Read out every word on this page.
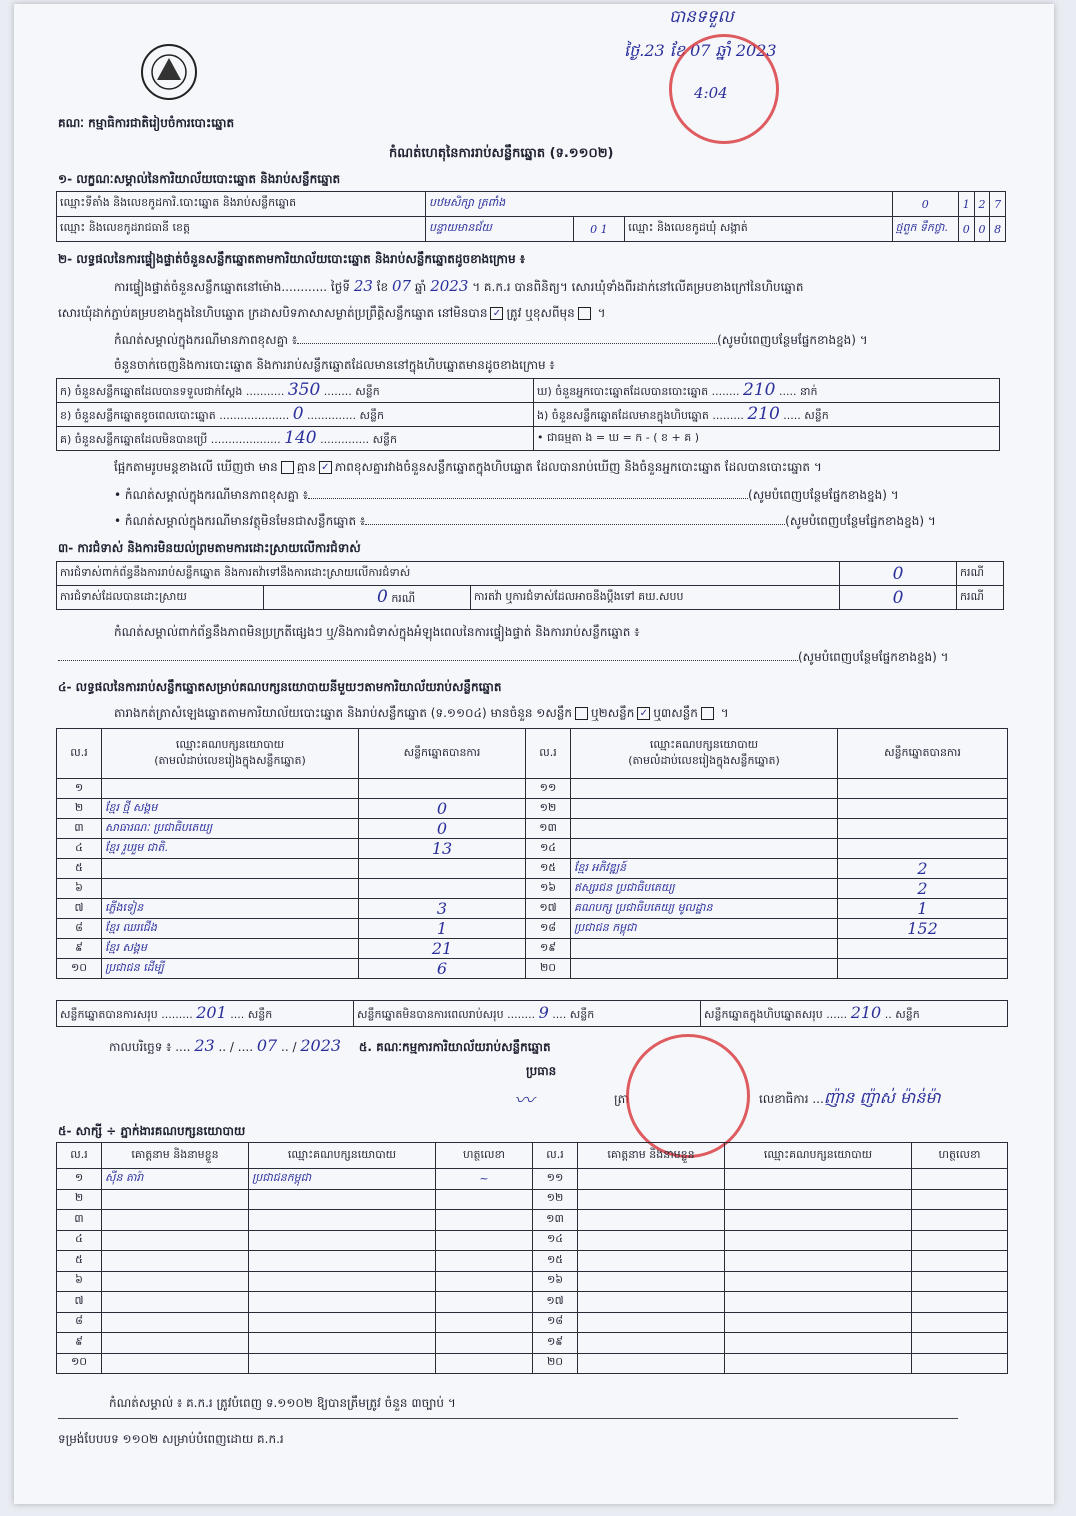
គណៈ កម្មាធិការជាតិរៀបចំការបោះឆ្នោត
បានទទួល
ថ្ងៃ.23 ខែ 07 ឆ្នាំ 2023
4:04
កំណត់ហេតុនៃការរាប់សន្លឹកឆ្នោត (ទ.១១០២)
១- លក្ខណៈសម្គាល់នៃការិយាល័យបោះឆ្នោត និងរាប់សន្លឹកឆ្នោត
ឈ្មោះទីតាំង និងលេខកូដការិ.បោះឆ្នោត និងរាប់សន្លឹកឆ្នោត	បឋមសិក្សា ត្រពាំង			0	1	2	7
ឈ្មោះ និងលេខកូដរាជធានី ខេត្ត	បន្ទាយមានជ័យ	0 1	ឈ្មោះ និងលេខកូដឃុំ សង្កាត់	ថ្មពួក ទឹកថ្លា.	0	0	8
២- លទ្ធផលនៃការផ្ទៀងផ្ទាត់ចំនួនសន្លឹកឆ្នោតតាមការិយាល័យបោះឆ្នោត និងរាប់សន្លឹកឆ្នោតដូចខាងក្រោម ៖
ការផ្ទៀងផ្ទាត់ចំនួនសន្លឹកឆ្នោតនៅម៉ោង............ ថ្ងៃទី 23 ខែ 07 ឆ្នាំ 2023 ។ គ.ក.រ បានពិនិត្យ។ សោរឃុំទាំងពីរដាក់នៅលើគម្របខាងក្រៅនៃហិបឆ្នោត
សោរឃុំដាក់ភ្ជាប់គម្របខាងក្នុងនៃហិបឆ្នោត ក្រដាសបិទភាសាសម្ងាត់ប្រព្រឹត្តិសន្លឹកឆ្នោត នៅមិនបាន ✓ ត្រូវ ឬខុសពីមុន ។
កំណត់សម្គាល់ក្នុងករណីមានភាពខុសគ្នា ៖	(សូមបំពេញបន្ថែមផ្នែកខាងខ្នង) ។
ចំនួនចាក់ចេញនិងការបោះឆ្នោត និងការរាប់សន្លឹកឆ្នោតដែលមាននៅក្នុងហិបឆ្នោតមានដូចខាងក្រោម ៖
ក) ចំនួនសន្លឹកឆ្នោតដែលបានទទួលជាក់ស្តែង ........... 350 ........ សន្លឹក	ឃ) ចំនួនអ្នកបោះឆ្នោតដែលបានបោះឆ្នោត ........ 210 ..... នាក់
ខ) ចំនួនសន្លឹកឆ្នោតខូចពេលបោះឆ្នោត .................... 0 .............. សន្លឹក	ង) ចំនួនសន្លឹកឆ្នោតដែលមានក្នុងហិបឆ្នោត ......... 210 ..... សន្លឹក
គ) ចំនួនសន្លឹកឆ្នោតដែលមិនបានប្រើ .................... 140 .............. សន្លឹក	• ជាធម្មតា ង = ឃ = ក - ( ខ + គ )
ផ្អែកតាមរូបមន្តខាងលើ ឃើញថា មាន គ្មាន ✓ ភាពខុសគ្នារវាងចំនួនសន្លឹកឆ្នោតក្នុងហិបឆ្នោត ដែលបានរាប់ឃើញ និងចំនួនអ្នកបោះឆ្នោត ដែលបានបោះឆ្នោត ។
• កំណត់សម្គាល់ក្នុងករណីមានភាពខុសគ្នា ៖	(សូមបំពេញបន្ថែមផ្នែកខាងខ្នង) ។
• កំណត់សម្គាល់ក្នុងករណីមានវត្ថុមិនមែនជាសន្លឹកឆ្នោត ៖	(សូមបំពេញបន្ថែមផ្នែកខាងខ្នង) ។
៣- ការជំទាស់ និងការមិនយល់ព្រមតាមការដោះស្រាយលើការជំទាស់
ការជំទាស់ពាក់ព័ន្ធនឹងការរាប់សន្លឹកឆ្នោត និងការតវ៉ាទៅនឹងការដោះស្រាយលើការជំទាស់			0	ករណី
ការជំទាស់ដែលបានដោះស្រាយ	0 ករណី	ការតវ៉ា ឬការជំទាស់ដែលអាចនឹងប្តឹងទៅ គឃ.សបប	0	ករណី
កំណត់សម្គាល់ពាក់ព័ន្ធនឹងភាពមិនប្រក្រតីផ្សេងៗ ឬ/និងការជំទាស់ក្នុងអំឡុងពេលនៃការផ្ទៀងផ្ទាត់ និងការរាប់សន្លឹកឆ្នោត ៖
(សូមបំពេញបន្ថែមផ្នែកខាងខ្នង) ។
៤- លទ្ធផលនៃការរាប់សន្លឹកឆ្នោតសម្រាប់គណបក្សនយោបាយនីមួយៗតាមការិយាល័យរាប់សន្លឹកឆ្នោត
តារាងកត់ត្រាសំឡេងឆ្នោតតាមការិយាល័យបោះឆ្នោត និងរាប់សន្លឹកឆ្នោត (ទ.១១០៤) មានចំនួន ១សន្លឹក ឬ២សន្លឹក ✓ ឬ៣សន្លឹក ។
ល.រ	ឈ្មោះគណបក្សនយោបាយ
(តាមលំដាប់លេខរៀងក្នុងសន្លឹកឆ្នោត)	សន្លឹកឆ្នោតបានការ	ល.រ	ឈ្មោះគណបក្សនយោបាយ
(តាមលំដាប់លេខរៀងក្នុងសន្លឹកឆ្នោត)	សន្លឹកឆ្នោតបានការ
១			១១		
២	ខ្មែរ ថ្មី សង្គម	0	១២		
៣	សាធារណៈ ប្រជាធិបតេយ្យ	0	១៣		
៤	ខ្មែរ រួបរួម ជាតិ.	13	១៤		
៥			១៥	ខ្មែរ អភិវឌ្ឍន៍	2
៦			១៦	ឥស្សរជន ប្រជាធិបតេយ្យ	2
៧	ភ្លើងទៀន	3	១៧	គណបក្ស ប្រជាធិបតេយ្យ មូលដ្ឋាន	1
៨	ខ្មែរ ឈរជើង	1	១៨	ប្រជាជន កម្ពុជា	152
៩	ខ្មែរ សង្គម	21	១៩		
១០	ប្រជាជន ដើម្បី	6	២០		
សន្លឹកឆ្នោតបានការសរុប ......... 201 .... សន្លឹក	សន្លឹកឆ្នោតមិនបានការពេលរាប់សរុប ........ 9 .... សន្លឹក	សន្លឹកឆ្នោតក្នុងហិបឆ្នោតសរុប ...... 210 .. សន្លឹក
កាលបរិច្ឆេទ ៖ .... 23 .. / .... 07 .. / 2023 ៥. គណៈកម្មការការិយាល័យរាប់សន្លឹកឆ្នោត
ប្រធាន
〰	ត្រា	លេខាធិការ ...ញ៉ាន ញ៉ាស់ ម៉ាន់ម៉ា
៥- សាក្សី ÷ ភ្នាក់ងារគណបក្សនយោបាយ
ល.រ	គោត្តនាម និងនាមខ្លួន	ឈ្មោះគណបក្សនយោបាយ	ហត្ថលេខា	ល.រ	គោត្តនាម និងនាមខ្លួន	ឈ្មោះគណបក្សនយោបាយ	ហត្ថលេខា
១	ស៊ីន តារ៉ា	ប្រជាជនកម្ពុជា	~	១១			
២				១២			
៣				១៣			
៤				១៤			
៥				១៥			
៦				១៦			
៧				១៧			
៨				១៨			
៩				១៩			
១០				២០			
កំណត់សម្គាល់ ៖ គ.ក.រ ត្រូវបំពេញ ទ.១១០២ ឱ្យបានត្រឹមត្រូវ ចំនួន ៣ច្បាប់ ។
ទម្រង់បែបបទ ១១០២ សម្រាប់បំពេញដោយ គ.ក.រ
